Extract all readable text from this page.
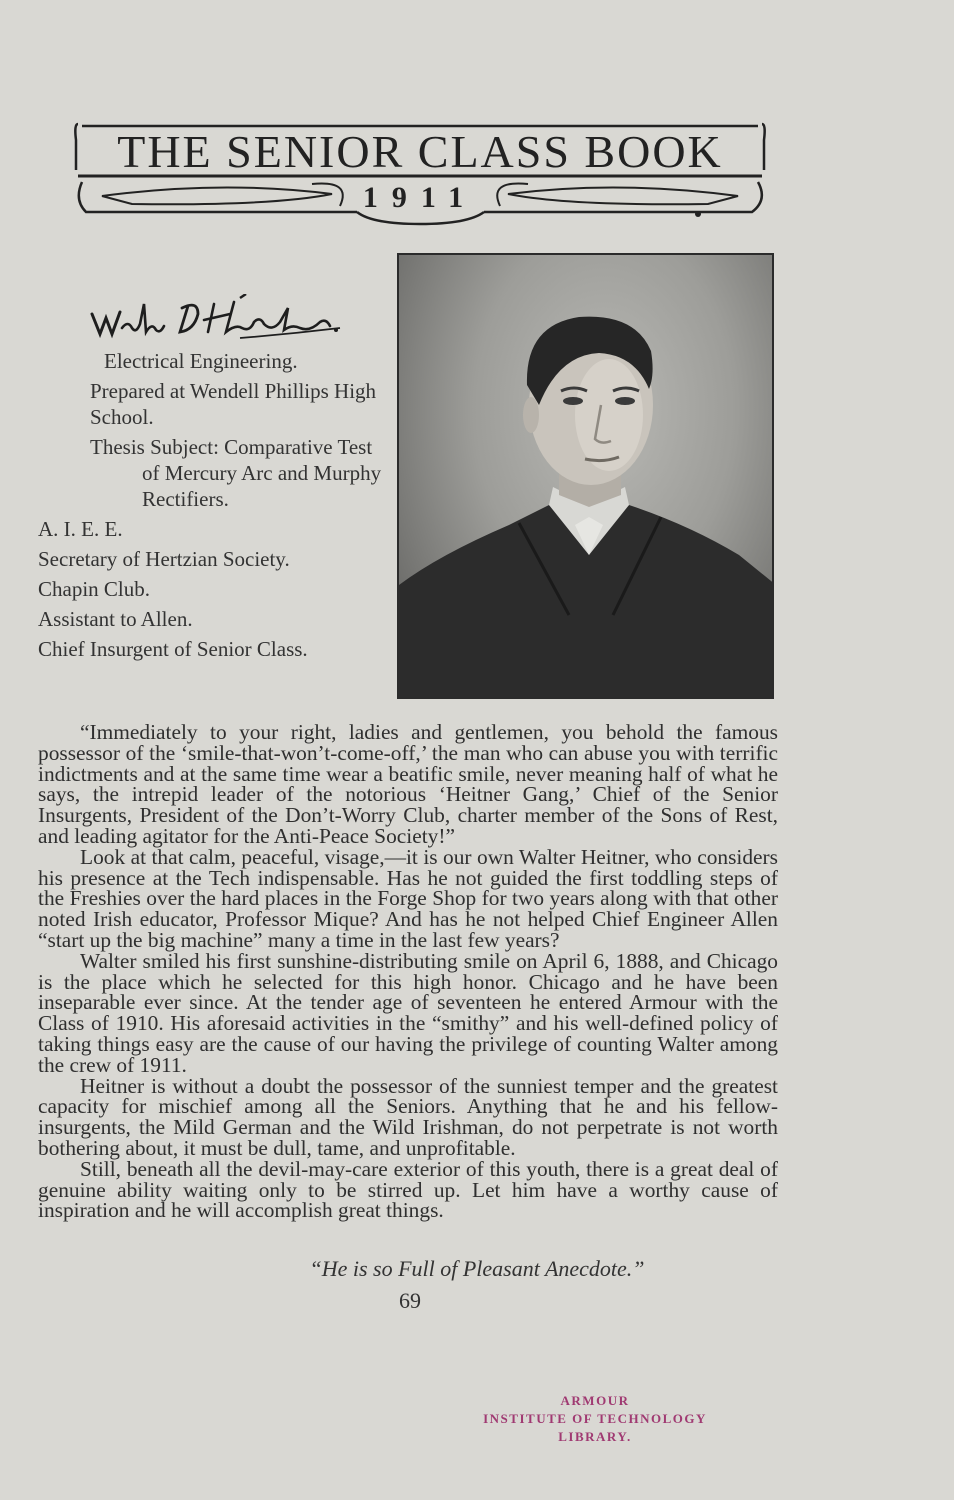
THE SENIOR CLASS BOOK
1911
Electrical Engineering.
Prepared at Wendell Phillips High School.
Thesis Subject: Comparative Test of Mercury Arc and Murphy Rectifiers.
A. I. E. E.
Secretary of Hertzian Society.
Chapin Club.
Assistant to Allen.
Chief Insurgent of Senior Class.

“Immediately to your right, ladies and gentlemen, you behold the famous possessor of the ‘smile-that-won’t-come-off,’ the man who can abuse you with terrific indictments and at the same time wear a beatific smile, never meaning half of what he says, the intrepid leader of the notorious ‘Heitner Gang,’ Chief of the Senior Insurgents, President of the Don’t-Worry Club, charter member of the Sons of Rest, and leading agitator for the Anti-Peace Society!”

Look at that calm, peaceful, visage,—it is our own Walter Heitner, who considers his presence at the Tech indispensable. Has he not guided the first toddling steps of the Freshies over the hard places in the Forge Shop for two years along with that other noted Irish educator, Professor Mique? And has he not helped Chief Engineer Allen “start up the big machine” many a time in the last few years?

Walter smiled his first sunshine-distributing smile on April 6, 1888, and Chicago is the place which he selected for this high honor. Chicago and he have been inseparable ever since. At the tender age of seventeen he entered Armour with the Class of 1910. His aforesaid activities in the “smithy” and his well-defined policy of taking things easy are the cause of our having the privilege of counting Walter among the crew of 1911.

Heitner is without a doubt the possessor of the sunniest temper and the greatest capacity for mischief among all the Seniors. Anything that he and his fellow-insurgents, the Mild German and the Wild Irishman, do not perpetrate is not worth bothering about, it must be dull, tame, and unprofitable.

Still, beneath all the devil-may-care exterior of this youth, there is a great deal of genuine ability waiting only to be stirred up. Let him have a worthy cause of inspiration and he will accomplish great things.

“He is so Full of Pleasant Anecdote.”
69
ARMOUR
INSTITUTE OF TECHNOLOGY
LIBRARY.
